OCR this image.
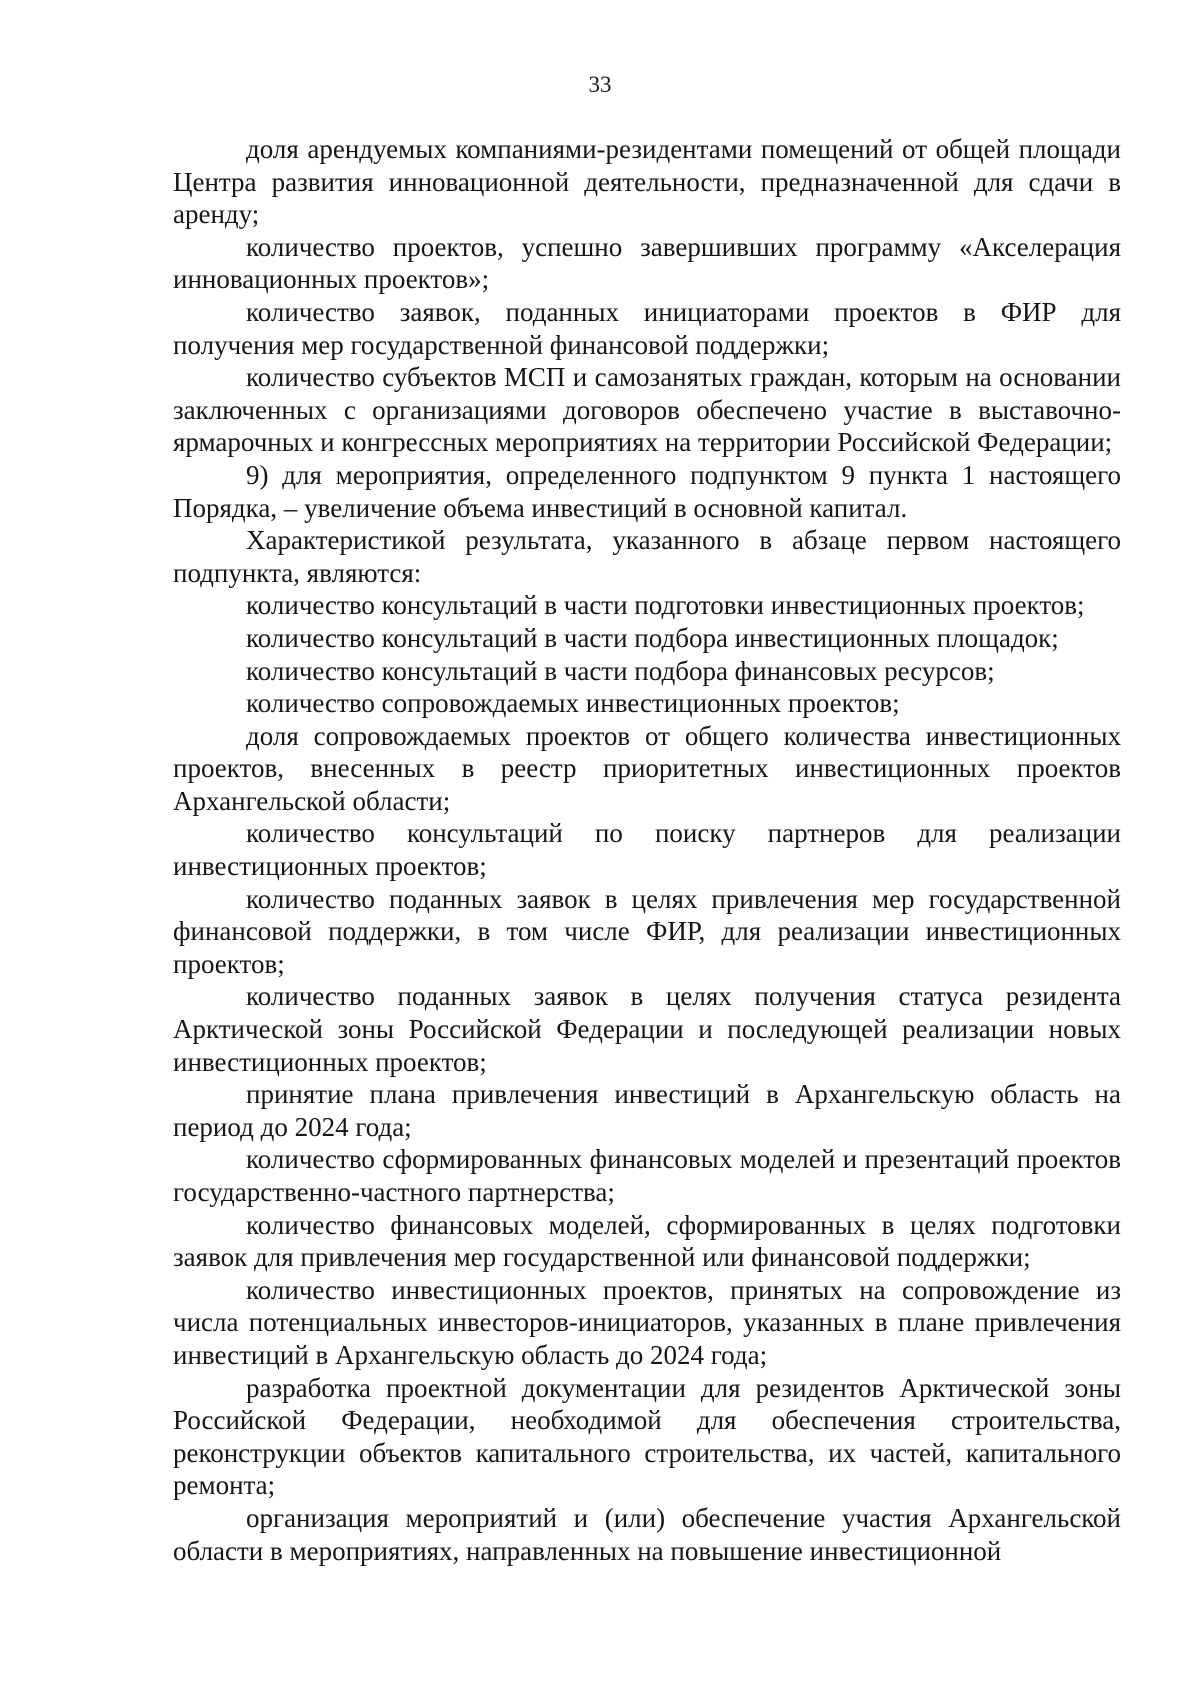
33

доля арендуемых компаниями-резидентами помещений от общей площади Центра развития инновационной деятельности, предназначенной для сдачи в аренду;

количество проектов, успешно завершивших программу «Акселерация инновационных проектов»;

количество заявок, поданных инициаторами проектов в ФИР для получения мер государственной финансовой поддержки;

количество субъектов МСП и самозанятых граждан, которым на основании заключенных с организациями договоров обеспечено участие в выставочно-ярмарочных и конгрессных мероприятиях на территории Российской Федерации;

9) для мероприятия, определенного подпунктом 9 пункта 1 настоящего Порядка, – увеличение объема инвестиций в основной капитал.

Характеристикой результата, указанного в абзаце первом настоящего подпункта, являются:

количество консультаций в части подготовки инвестиционных проектов;

количество консультаций в части подбора инвестиционных площадок;

количество консультаций в части подбора финансовых ресурсов;

количество сопровождаемых инвестиционных проектов;

доля сопровождаемых проектов от общего количества инвестиционных проектов, внесенных в реестр приоритетных инвестиционных проектов Архангельской области;

количество консультаций по поиску партнеров для реализации инвестиционных проектов;

количество поданных заявок в целях привлечения мер государственной финансовой поддержки, в том числе ФИР, для реализации инвестиционных проектов;

количество поданных заявок в целях получения статуса резидента Арктической зоны Российской Федерации и последующей реализации новых инвестиционных проектов;

принятие плана привлечения инвестиций в Архангельскую область на период до 2024 года;

количество сформированных финансовых моделей и презентаций проектов государственно-частного партнерства;

количество финансовых моделей, сформированных в целях подготовки заявок для привлечения мер государственной или финансовой поддержки;

количество инвестиционных проектов, принятых на сопровождение из числа потенциальных инвесторов-инициаторов, указанных в плане привлечения инвестиций в Архангельскую область до 2024 года;

разработка проектной документации для резидентов Арктической зоны Российской Федерации, необходимой для обеспечения строительства, реконструкции объектов капитального строительства, их частей, капитального ремонта;

организация мероприятий и (или) обеспечение участия Архангельской области в мероприятиях, направленных на повышение инвестиционной
